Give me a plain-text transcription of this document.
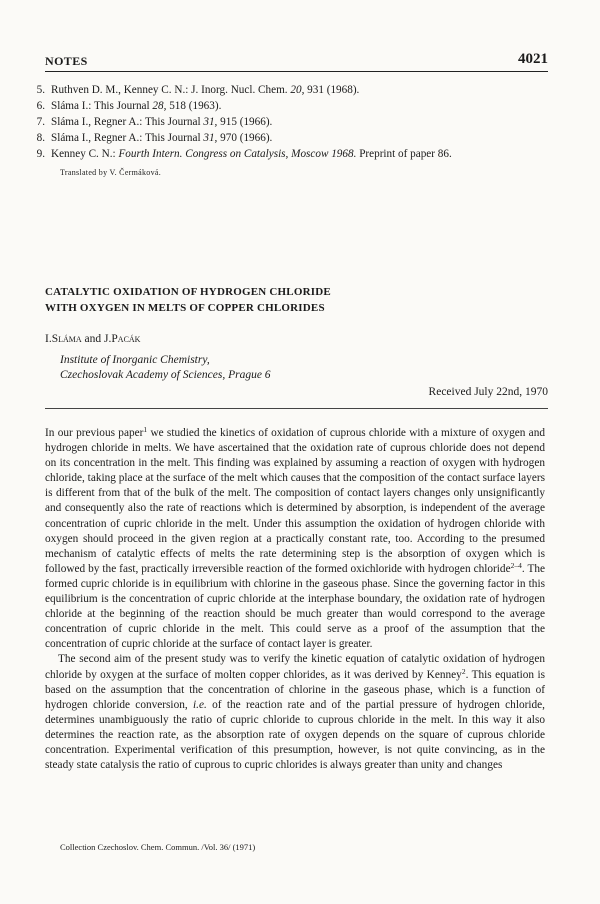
NOTES	4021
5. Ruthven D. M., Kenney C. N.: J. Inorg. Nucl. Chem. 20, 931 (1968).
6. Sláma I.: This Journal 28, 518 (1963).
7. Sláma I., Regner A.: This Journal 31, 915 (1966).
8. Sláma I., Regner A.: This Journal 31, 970 (1966).
9. Kenney C. N.: Fourth Intern. Congress on Catalysis, Moscow 1968. Preprint of paper 86.
Translated by V. Čermáková.
CATALYTIC OXIDATION OF HYDROGEN CHLORIDE
WITH OXYGEN IN MELTS OF COPPER CHLORIDES
I.Sláma and J.Pacák
Institute of Inorganic Chemistry,
Czechoslovak Academy of Sciences, Prague 6
Received July 22nd, 1970

In our previous paper$^1$ we studied the kinetics of oxidation of cuprous chloride with a mixture of oxygen and hydrogen chloride in melts. We have ascertained that the oxidation rate of cuprous chloride does not depend on its concentration in the melt. This finding was explained by assuming a reaction of oxygen with hydrogen chloride, taking place at the surface of the melt which causes that the composition of the contact surface layers is different from that of the bulk of the melt. The composition of contact layers changes only unsignificantly and consequently also the rate of reactions which is determined by absorption, is independent of the average concentration of cupric chloride in the melt. Under this assumption the oxidation of hydrogen chloride with oxygen should proceed in the given region at a practically constant rate, too. According to the presumed mechanism of catalytic effects of melts the rate determining step is the absorption of oxygen which is followed by the fast, practically irreversible reaction of the formed oxichloride with hydrogen chloride$^{2-4}$. The formed cupric chloride is in equilibrium with chlorine in the gaseous phase. Since the governing factor in this equilibrium is the concentration of cupric chloride at the interphase boundary, the oxidation rate of hydrogen chloride at the beginning of the reaction should be much greater than would correspond to the average concentration of cupric chloride in the melt. This could serve as a proof of the assumption that the concentration of cupric chloride at the surface of contact layer is greater.

The second aim of the present study was to verify the kinetic equation of catalytic oxidation of hydrogen chloride by oxygen at the surface of molten copper chlorides, as it was derived by Kenney$^2$. This equation is based on the assumption that the concentration of chlorine in the gaseous phase, which is a function of hydrogen chloride conversion, i.e. of the reaction rate and of the partial pressure of hydrogen chloride, determines unambiguously the ratio of cupric chloride to cuprous chloride in the melt. In this way it also determines the reaction rate, as the absorption rate of oxygen depends on the square of cuprous chloride concentration. Experimental verification of this presumption, however, is not quite convincing, as in the steady state catalysis the ratio of cuprous to cupric chlorides is always greater than unity and changes

Collection Czechoslov. Chem. Commun. /Vol. 36/ (1971)
